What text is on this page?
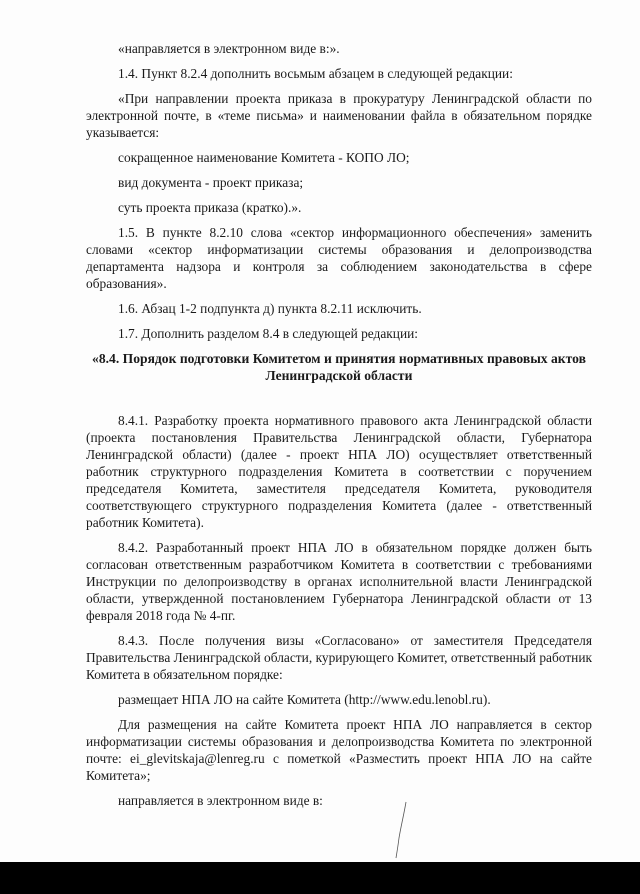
«направляется в электронном виде в:».

1.4. Пункт 8.2.4 дополнить восьмым абзацем в следующей редакции:

«При направлении проекта приказа в прокуратуру Ленинградской области по электронной почте, в «теме письма» и наименовании файла в обязательном порядке указывается:

сокращенное наименование Комитета - КОПО ЛО;

вид документа - проект приказа;

суть проекта приказа (кратко).».

1.5. В пункте 8.2.10 слова «сектор информационного обеспечения» заменить словами «сектор информатизации системы образования и делопроизводства департамента надзора и контроля за соблюдением законодательства в сфере образования».

1.6. Абзац 1-2 подпункта д) пункта 8.2.11 исключить.

1.7. Дополнить разделом 8.4 в следующей редакции:

«8.4. Порядок подготовки Комитетом и принятия нормативных правовых актов Ленинградской области

8.4.1. Разработку проекта нормативного правового акта Ленинградской области (проекта постановления Правительства Ленинградской области, Губернатора Ленинградской области) (далее - проект НПА ЛО) осуществляет ответственный работник структурного подразделения Комитета в соответствии с поручением председателя Комитета, заместителя председателя Комитета, руководителя соответствующего структурного подразделения Комитета (далее - ответственный работник Комитета).

8.4.2. Разработанный проект НПА ЛО в обязательном порядке должен быть согласован ответственным разработчиком Комитета в соответствии с требованиями Инструкции по делопроизводству в органах исполнительной власти Ленинградской области, утвержденной постановлением Губернатора Ленинградской области от 13 февраля 2018 года № 4-пг.

8.4.3. После получения визы «Согласовано» от заместителя Председателя Правительства Ленинградской области, курирующего Комитет, ответственный работник Комитета в обязательном порядке:

размещает НПА ЛО на сайте Комитета (http://www.edu.lenobl.ru).

Для размещения на сайте Комитета проект НПА ЛО направляется в сектор информатизации системы образования и делопроизводства Комитета по электронной почте: ei_glevitskaja@lenreg.ru с пометкой «Разместить проект НПА ЛО на сайте Комитета»;

направляется в электронном виде в:
